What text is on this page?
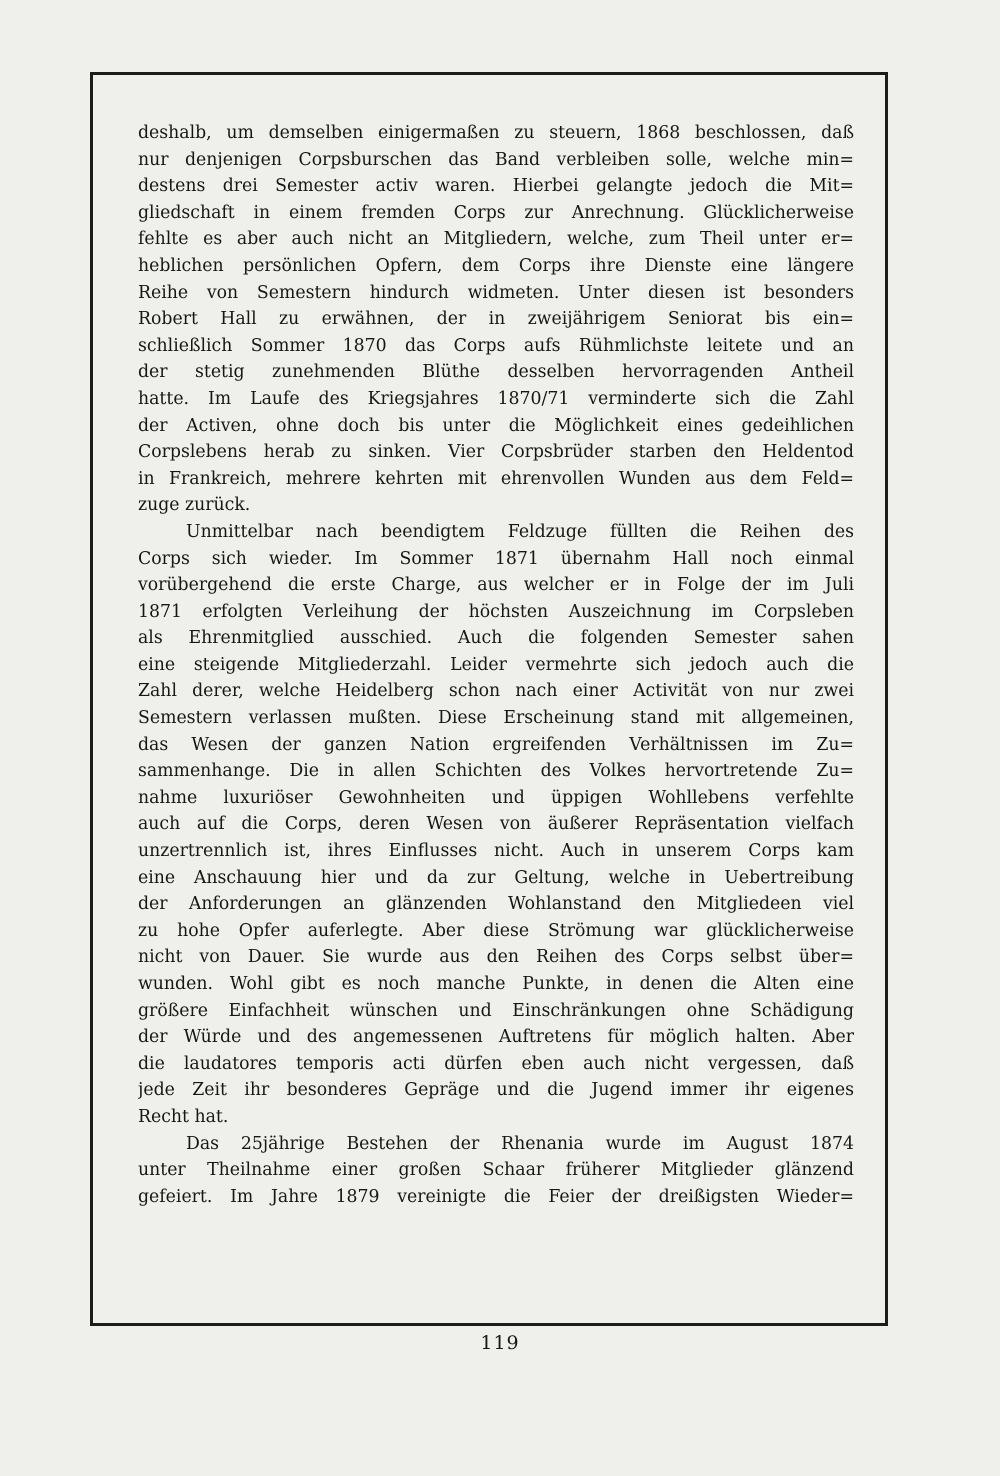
deshalb, um demselben einigermaßen zu steuern, 1868 beschlossen, daß
nur denjenigen Corpsburschen das Band verbleiben solle, welche min=
destens drei Semester activ waren. Hierbei gelangte jedoch die Mit=
gliedschaft in einem fremden Corps zur Anrechnung. Glücklicherweise
fehlte es aber auch nicht an Mitgliedern, welche, zum Theil unter er=
heblichen persönlichen Opfern, dem Corps ihre Dienste eine längere
Reihe von Semestern hindurch widmeten. Unter diesen ist besonders
Robert Hall zu erwähnen, der in zweijährigem Seniorat bis ein=
schließlich Sommer 1870 das Corps aufs Rühmlichste leitete und an
der stetig zunehmenden Blüthe desselben hervorragenden Antheil
hatte. Im Laufe des Kriegsjahres 1870/71 verminderte sich die Zahl
der Activen, ohne doch bis unter die Möglichkeit eines gedeihlichen
Corpslebens herab zu sinken. Vier Corpsbrüder starben den Heldentod
in Frankreich, mehrere kehrten mit ehrenvollen Wunden aus dem Feld=
zuge zurück.
Unmittelbar nach beendigtem Feldzuge füllten die Reihen des
Corps sich wieder. Im Sommer 1871 übernahm Hall noch einmal
vorübergehend die erste Charge, aus welcher er in Folge der im Juli
1871 erfolgten Verleihung der höchsten Auszeichnung im Corpsleben
als Ehrenmitglied ausschied. Auch die folgenden Semester sahen
eine steigende Mitgliederzahl. Leider vermehrte sich jedoch auch die
Zahl derer, welche Heidelberg schon nach einer Activität von nur zwei
Semestern verlassen mußten. Diese Erscheinung stand mit allgemeinen,
das Wesen der ganzen Nation ergreifenden Verhältnissen im Zu=
sammenhange. Die in allen Schichten des Volkes hervortretende Zu=
nahme luxuriöser Gewohnheiten und üppigen Wohllebens verfehlte
auch auf die Corps, deren Wesen von äußerer Repräsentation vielfach
unzertrennlich ist, ihres Einflusses nicht. Auch in unserem Corps kam
eine Anschauung hier und da zur Geltung, welche in Uebertreibung
der Anforderungen an glänzenden Wohlanstand den Mitgliedeen viel
zu hohe Opfer auferlegte. Aber diese Strömung war glücklicherweise
nicht von Dauer. Sie wurde aus den Reihen des Corps selbst über=
wunden. Wohl gibt es noch manche Punkte, in denen die Alten eine
größere Einfachheit wünschen und Einschränkungen ohne Schädigung
der Würde und des angemessenen Auftretens für möglich halten. Aber
die laudatores temporis acti dürfen eben auch nicht vergessen, daß
jede Zeit ihr besonderes Gepräge und die Jugend immer ihr eigenes
Recht hat.
Das 25jährige Bestehen der Rhenania wurde im August 1874
unter Theilnahme einer großen Schaar früherer Mitglieder glänzend
gefeiert. Im Jahre 1879 vereinigte die Feier der dreißigsten Wieder=
119
